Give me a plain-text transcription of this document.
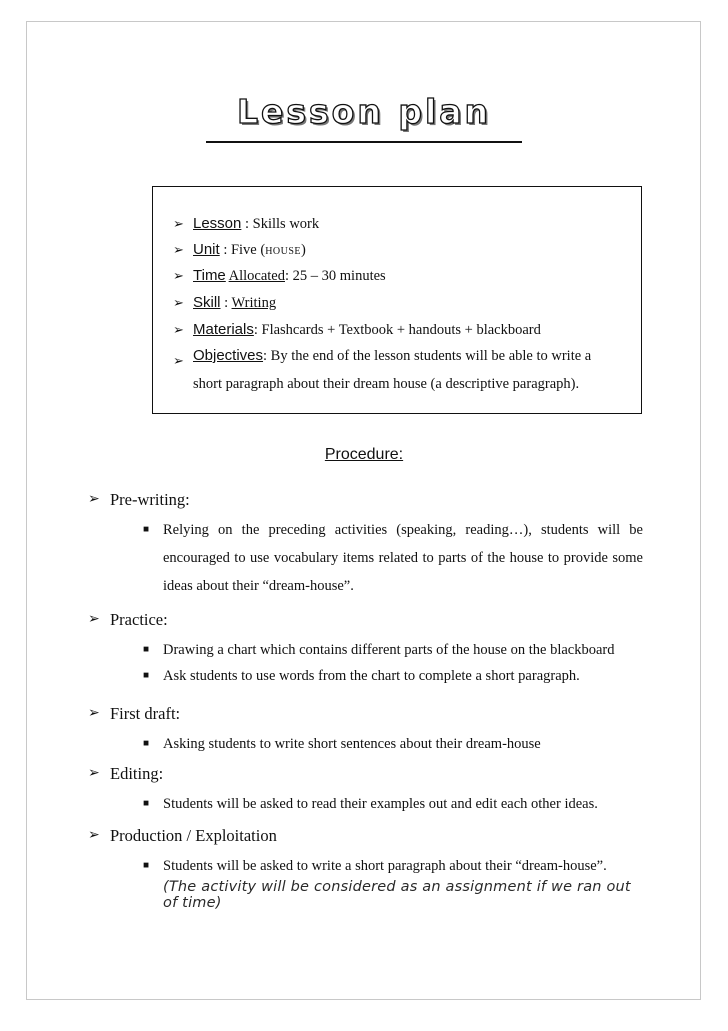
Lesson plan
➢ Lesson : Skills work
➢ Unit : Five (HOUSE)
➢ Time Allocated: 25 – 30 minutes
➢ Skill : Writing
➢ Materials: Flashcards + Textbook + handouts + blackboard
➢ Objectives: By the end of the lesson students will be able to write a short paragraph about their dream house (a descriptive paragraph).
Procedure:
➢ Pre-writing:
■ Relying on the preceding activities (speaking, reading…), students will be encouraged to use vocabulary items related to parts of the house to provide some ideas about their “dream-house”.
➢ Practice:
■ Drawing a chart which contains different parts of the house on the blackboard
■ Ask students to use words from the chart to complete a short paragraph.
➢ First draft:
■ Asking students to write short sentences about their dream-house
➢ Editing:
■ Students will be asked to read their examples out and edit each other ideas.
➢ Production / Exploitation
■ Students will be asked to write a short paragraph about their “dream-house”.
(The activity will be considered as an assignment if we ran out of time)
